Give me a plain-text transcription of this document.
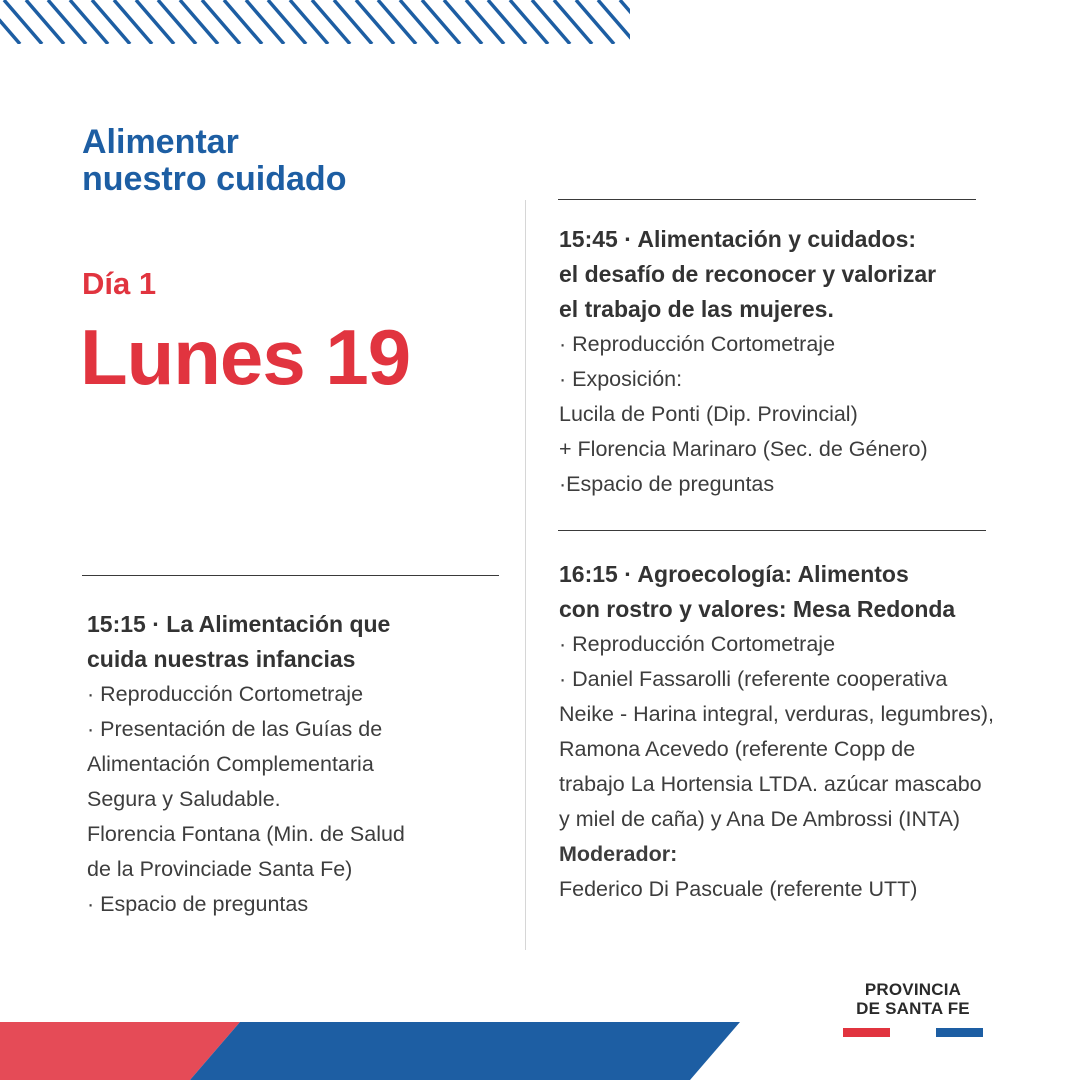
Alimentar
nuestro cuidado
Día 1
Lunes 19
15:15 · La Alimentación que
cuida nuestras infancias
· Reproducción Cortometraje
· Presentación de las Guías de
Alimentación Complementaria
Segura y Saludable.
Florencia Fontana (Min. de Salud
de la Provinciade Santa Fe)
· Espacio de preguntas
15:45 · Alimentación y cuidados:
el desafío de reconocer y valorizar
el trabajo de las mujeres.
· Reproducción Cortometraje
· Exposición:
Lucila de Ponti (Dip. Provincial)
+ Florencia Marinaro (Sec. de Género)
·Espacio de preguntas
16:15 · Agroecología: Alimentos
con rostro y valores: Mesa Redonda
· Reproducción Cortometraje
· Daniel Fassarolli (referente cooperativa
Neike - Harina integral, verduras, legumbres),
Ramona Acevedo (referente Copp de
trabajo La Hortensia LTDA. azúcar mascabo
y miel de caña) y Ana De Ambrossi (INTA)
Moderador:
Federico Di Pascuale (referente UTT)
PROVINCIA
DE SANTA FE
